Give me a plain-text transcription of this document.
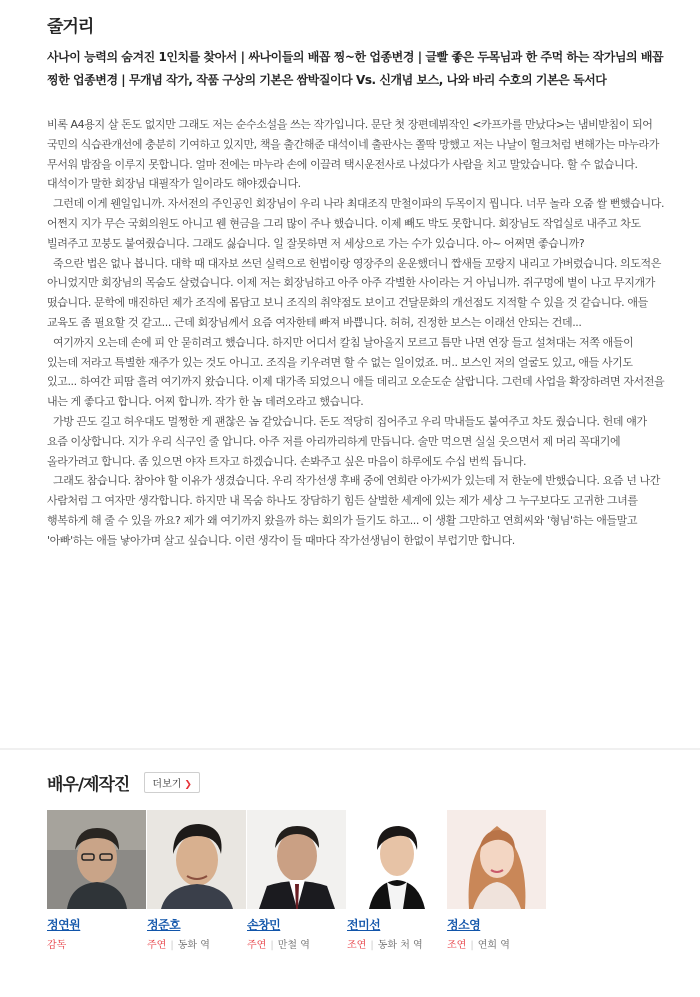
줄거리

사나이 능력의 숨겨진 1인치를 찾아서 | 싸나이들의 배꼽 찡~한 업종변경 | 글빨 좋은 두목님과 한 주먹 하는 작가님의 배꼽 찡한 업종변경 | 무개념 작가, 작품 구상의 기본은 쌈박질이다 Vs. 신개념 보스, 나와 바리 수호의 기본은 독서다

비록 A4용지 살 돈도 없지만 그래도 저는 순수소설을 쓰는 작가입니다. 문단 첫 장편데뷔작인 <카프카를 만났다>는 냄비받침이 되어 국민의 식습관개선에 충분히 기여하고 있지만, 책을 출간해준 대석이네 출판사는 쫄딱 망했고 저는 나날이 헐크처럼 변해가는 마누라가 무서워 밤잠을 이루지 못합니다. 얼마 전에는 마누라 손에 이끌려 택시운전사로 나섰다가 사람을 치고 말았습니다. 할 수 없습니다. 대석이가 말한 회장님 대필작가 일이라도 해야겠습니다.

그런데 이게 웬일입니까. 자서전의 주인공인 회장님이 우리 나라 최대조직 만철이파의 두목이지 뭡니다. 너무 놀라 오줌 쌀 뻔했습니다. 어쩐지 지가 무슨 국회의원도 아니고 웬 현금을 그리 많이 주나 했습니다. 이제 빼도 박도 못합니다. 회장님도 작업실로 내주고 차도 빌려주고 꼬붕도 붙여줬습니다. 그래도 싫습니다. 일 잘못하면 저 세상으로 가는 수가 있습니다. 아~ 어쩌면 좋습니까?

죽으란 법은 없나 봅니다. 대학 때 대자보 쓰던 실력으로 헌법이랑 영장주의 운운했더니 짭새들 꼬랑지 내리고 가버렸습니다. 의도적은 아니었지만 회장님의 목숨도 살렸습니다. 이제 저는 회장님하고 아주 아주 각별한 사이라는 거 아닙니까. 쥐구멍에 볕이 나고 무지개가 떴습니다. 문학에 매진하던 제가 조직에 몸담고 보니 조직의 취약점도 보이고 건달문화의 개선점도 지적할 수 있을 것 같습니다. 애들 교육도 좀 필요할 것 같고... 근데 회장님께서 요즘 여자한테 빠져 바쁩니다. 허허, 진정한 보스는 이래선 안되는 건데...

여기까지 오는데 손에 피 안 묻히려고 했습니다. 하지만 어디서 칼침 날아올지 모르고 틈만 나면 연장 들고 설쳐대는 저쪽 애들이 있는데 저라고 특별한 재주가 있는 것도 아니고. 조직을 키우려면 할 수 없는 일이었죠. 머.. 보스인 저의 얼굴도 있고, 애들 사기도 있고... 하여간 피땀 흘려 여기까지 왔습니다. 이제 대가족 되었으니 애들 데리고 오순도순 살랍니다. 그런데 사업을 확장하려면 자서전을 내는 게 좋다고 합니다. 어찌 합니까. 작가 한 놈 데려오라고 했습니다.

가방 끈도 길고 허우대도 멀쩡한 게 괜찮은 놈 같았습니다. 돈도 적당히 집어주고 우리 막내들도 붙여주고 차도 줬습니다. 헌데 얘가 요즘 이상합니다. 지가 우리 식구인 줄 압니다. 아주 저를 아리까리하게 만듭니다. 술만 먹으면 실실 웃으면서 제 머리 꼭대기에 올라가려고 합니다. 좀 있으면 야자 트자고 하겠습니다. 손봐주고 싶은 마음이 하루에도 수십 번씩 듭니다.

그래도 참습니다. 참아야 할 이유가 생겼습니다. 우리 작가선생 후배 중에 연희란 아가씨가 있는데 저 한눈에 반했습니다. 요즘 넌 나간 사람처럼 그 여자만 생각합니다. 하지만 내 목숨 하나도 장담하기 힘든 살벌한 세계에 있는 제가 세상 그 누구보다도 고귀한 그녀를 행복하게 해 줄 수 있을 까요? 제가 왜 여기까지 왔을까 하는 회의가 들기도 하고... 이 생활 그만하고 연희씨와 '형님'하는 애들말고 '아빠'하는 애들 낳아가며 살고 싶습니다. 이런 생각이 들 때마다 작가선생님이 한없이 부럽기만 합니다.

배우/제작진 더보기 ❯
정연원
감독
정준호
주연 | 동화 역
손창민
주연 | 만철 역
전미선
조연 | 동화 처 역
정소영
조연 | 연희 역
